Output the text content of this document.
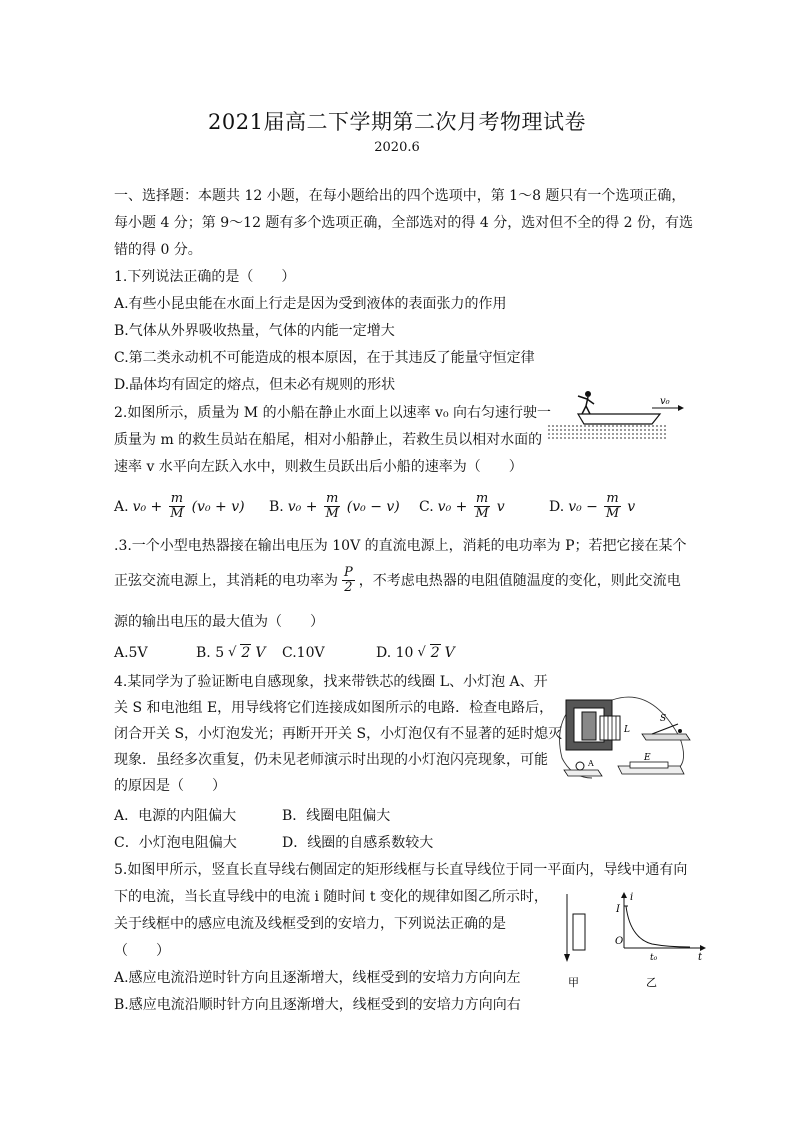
2021届高二下学期第二次月考物理试卷
2020.6
一、选择题：本题共 12 小题，在每小题给出的四个选项中，第 1～8 题只有一个选项正确，
每小题 4 分；第 9～12 题有多个选项正确，全部选对的得 4 分，选对但不全的得 2 份，有选
错的得 0 分。
1.下列说法正确的是（　　）
A.有些小昆虫能在水面上行走是因为受到液体的表面张力的作用
B.气体从外界吸收热量，气体的内能一定增大
C.第二类永动机不可能造成的根本原因，在于其违反了能量守恒定律
D.晶体均有固定的熔点，但未必有规则的形状
2.如图所示，质量为 M 的小船在静止水面上以速率 v₀ 向右匀速行驶一
质量为 m 的救生员站在船尾，相对小船静止，若救生员以相对水面的
速率 v 水平向左跃入水中，则救生员跃出后小船的速率为（　　）
v₀
A. $v_0 + \frac{m}{M} (v_0 + v)$ B. $v_0 + \frac{m}{M} (v_0 - v)$ C. $v_0 + \frac{m}{M}$ v	D. $v_0 - \frac{m}{M}$ v
.3.一个小型电热器接在输出电压为 10V 的直流电源上，消耗的电功率为 P；若把它接在某个
正弦交流电源上，其消耗的电功率为 $\frac{P}{2}$ ，不考虑电热器的电阻值随温度的变化，则此交流电
源的输出电压的最大值为（　　）
A.5V	B. 5 √ 2 V C.10V	D. 10 √ 2 V
4.某同学为了验证断电自感现象，找来带铁芯的线圈 L、小灯泡 A、开
关 S 和电池组 E，用导线将它们连接成如图所示的电路．检查电路后，
闭合开关 S，小灯泡发光；再断开开关 S，小灯泡仅有不显著的延时熄灭
现象．虽经多次重复，仍未见老师演示时出现的小灯泡闪亮现象，可能
的原因是（　　）
A．电源的内阻偏大	B．线圈电阻偏大
C．小灯泡电阻偏大	D．线圈的自感系数较大
L
S
E
A
5.如图甲所示，竖直长直导线右侧固定的矩形线框与长直导线位于同一平面内，导线中通有向
下的电流，当长直导线中的电流 i 随时间 t 变化的规律如图乙所示时，
关于线框中的感应电流及线框受到的安培力，下列说法正确的是
（　　）
A.感应电流沿逆时针方向且逐渐增大，线框受到的安培力方向向左
B.感应电流沿顺时针方向且逐渐增大，线框受到的安培力方向向右
甲
I
i
O
t₀	t
乙
